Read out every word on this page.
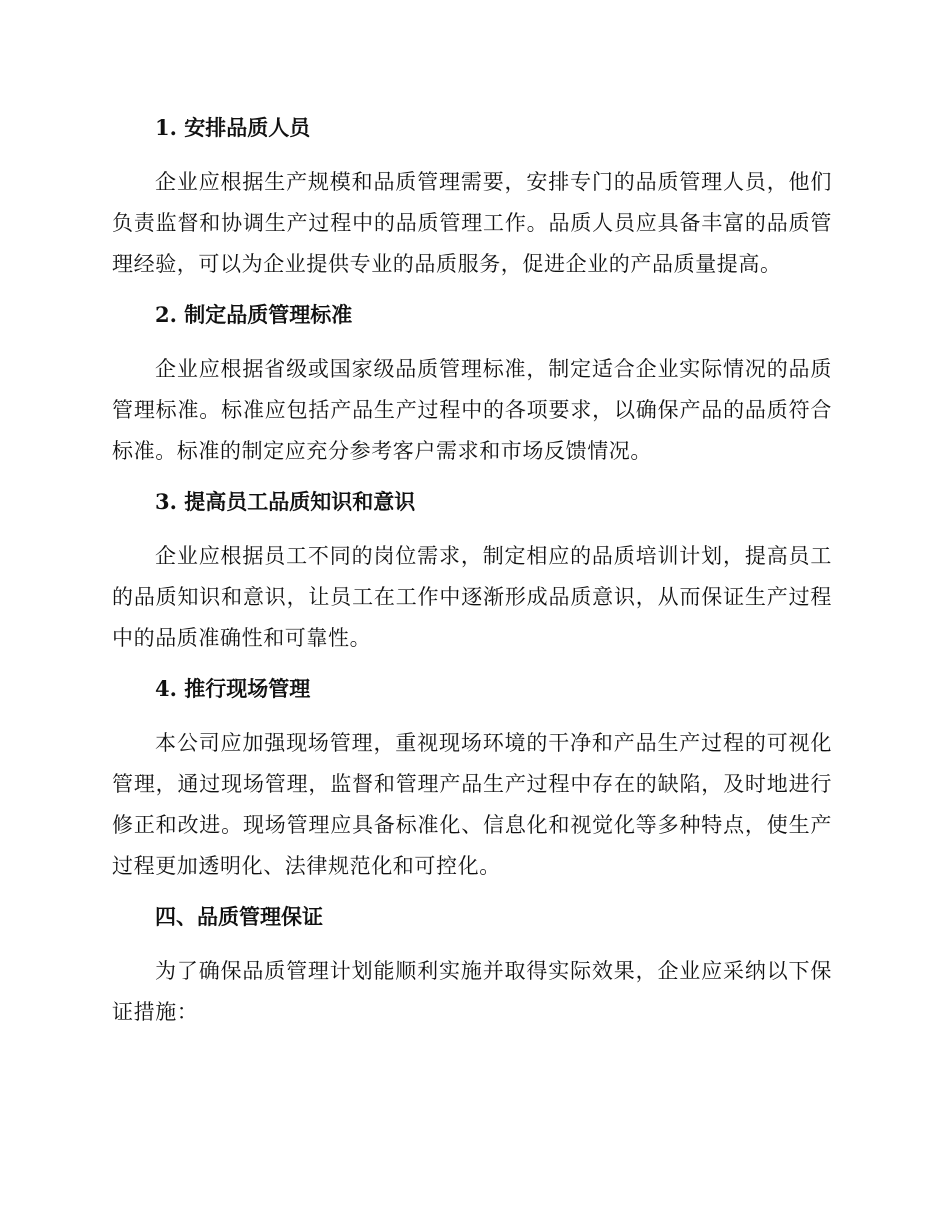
1. 安排品质人员

企业应根据生产规模和品质管理需要，安排专门的品质管理人员，他们负责监督和协调生产过程中的品质管理工作。品质人员应具备丰富的品质管理经验，可以为企业提供专业的品质服务，促进企业的产品质量提高。

2. 制定品质管理标准

企业应根据省级或国家级品质管理标准，制定适合企业实际情况的品质管理标准。标准应包括产品生产过程中的各项要求，以确保产品的品质符合标准。标准的制定应充分参考客户需求和市场反馈情况。

3. 提高员工品质知识和意识

企业应根据员工不同的岗位需求，制定相应的品质培训计划，提高员工的品质知识和意识，让员工在工作中逐渐形成品质意识，从而保证生产过程中的品质准确性和可靠性。

4. 推行现场管理

本公司应加强现场管理，重视现场环境的干净和产品生产过程的可视化管理，通过现场管理，监督和管理产品生产过程中存在的缺陷，及时地进行修正和改进。现场管理应具备标准化、信息化和视觉化等多种特点，使生产过程更加透明化、法律规范化和可控化。

四、品质管理保证

为了确保品质管理计划能顺利实施并取得实际效果，企业应采纳以下保证措施：
